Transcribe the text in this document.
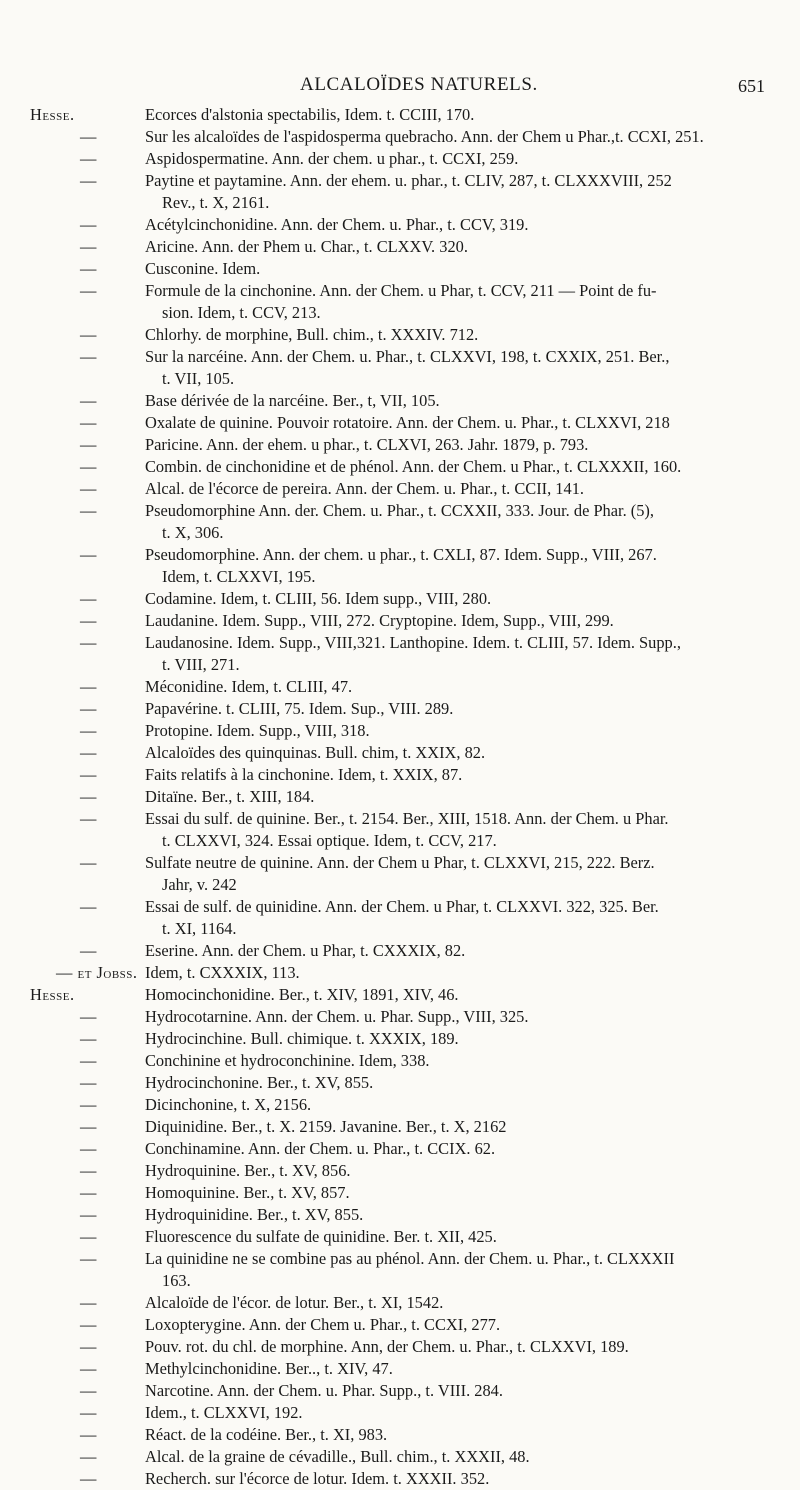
ALCALOÏDES NATURELS.	651
Hesse.	Ecorces d'alstonia spectabilis, Idem. t. CCIII, 170.
—	Sur les alcaloïdes de l'aspidosperma quebracho. Ann. der Chem u Phar.,t. CCXI, 251.
—	Aspidospermatine. Ann. der chem. u phar., t. CCXI, 259.
—	Paytine et paytamine. Ann. der ehem. u. phar., t. CLIV, 287, t. CLXXXVIII, 252
Rev., t. X, 2161.
—	Acétylcinchonidine. Ann. der Chem. u. Phar., t. CCV, 319.
—	Aricine. Ann. der Phem u. Char., t. CLXXV. 320.
—	Cusconine. Idem.
—	Formule de la cinchonine. Ann. der Chem. u Phar, t. CCV, 211 — Point de fu-
sion. Idem, t. CCV, 213.
—	Chlorhy. de morphine, Bull. chim., t. XXXIV. 712.
—	Sur la narcéine. Ann. der Chem. u. Phar., t. CLXXVI, 198, t. CXXIX, 251. Ber.,
t. VII, 105.
—	Base dérivée de la narcéine. Ber., t, VII, 105.
—	Oxalate de quinine. Pouvoir rotatoire. Ann. der Chem. u. Phar., t. CLXXVI, 218
—	Paricine. Ann. der ehem. u phar., t. CLXVI, 263. Jahr. 1879, p. 793.
—	Combin. de cinchonidine et de phénol. Ann. der Chem. u Phar., t. CLXXXII, 160.
—	Alcal. de l'écorce de pereira. Ann. der Chem. u. Phar., t. CCII, 141.
—	Pseudomorphine Ann. der. Chem. u. Phar., t. CCXXII, 333. Jour. de Phar. (5),
t. X, 306.
—	Pseudomorphine. Ann. der chem. u phar., t. CXLI, 87. Idem. Supp., VIII, 267.
Idem, t. CLXXVI, 195.
—	Codamine. Idem, t. CLIII, 56. Idem supp., VIII, 280.
—	Laudanine. Idem. Supp., VIII, 272. Cryptopine. Idem, Supp., VIII, 299.
—	Laudanosine. Idem. Supp., VIII,321. Lanthopine. Idem. t. CLIII, 57. Idem. Supp.,
t. VIII, 271.
—	Méconidine. Idem, t. CLIII, 47.
—	Papavérine. t. CLIII, 75. Idem. Sup., VIII. 289.
—	Protopine. Idem. Supp., VIII, 318.
—	Alcaloïdes des quinquinas. Bull. chim, t. XXIX, 82.
—	Faits relatifs à la cinchonine. Idem, t. XXIX, 87.
—	Ditaïne. Ber., t. XIII, 184.
—	Essai du sulf. de quinine. Ber., t. 2154. Ber., XIII, 1518. Ann. der Chem. u Phar.
t. CLXXVI, 324. Essai optique. Idem, t. CCV, 217.
—	Sulfate neutre de quinine. Ann. der Chem u Phar, t. CLXXVI, 215, 222. Berz.
Jahr, v. 242
—	Essai de sulf. de quinidine. Ann. der Chem. u Phar, t. CLXXVI. 322, 325. Ber.
t. XI, 1164.
—	Eserine. Ann. der Chem. u Phar, t. CXXXIX, 82.
— et Jobss. Idem, t. CXXXIX, 113.
Hesse.	Homocinchonidine. Ber., t. XIV, 1891, XIV, 46.
—	Hydrocotarnine. Ann. der Chem. u. Phar. Supp., VIII, 325.
—	Hydrocinchine. Bull. chimique. t. XXXIX, 189.
—	Conchinine et hydroconchinine. Idem, 338.
—	Hydrocinchonine. Ber., t. XV, 855.
—	Dicinchonine, t. X, 2156.
—	Diquinidine. Ber., t. X. 2159. Javanine. Ber., t. X, 2162
—	Conchinamine. Ann. der Chem. u. Phar., t. CCIX. 62.
—	Hydroquinine. Ber., t. XV, 856.
—	Homoquinine. Ber., t. XV, 857.
—	Hydroquinidine. Ber., t. XV, 855.
—	Fluorescence du sulfate de quinidine. Ber. t. XII, 425.
—	La quinidine ne se combine pas au phénol. Ann. der Chem. u. Phar., t. CLXXXII
163.
—	Alcaloïde de l'écor. de lotur. Ber., t. XI, 1542.
—	Loxopterygine. Ann. der Chem u. Phar., t. CCXI, 277.
—	Pouv. rot. du chl. de morphine. Ann, der Chem. u. Phar., t. CLXXVI, 189.
—	Methylcinchonidine. Ber.., t. XIV, 47.
—	Narcotine. Ann. der Chem. u. Phar. Supp., t. VIII. 284.
—	Idem., t. CLXXVI, 192.
—	Réact. de la codéine. Ber., t. XI, 983.
—	Alcal. de la graine de cévadille., Bull. chim., t. XXXII, 48.
—	Recherch. sur l'écorce de lotur. Idem. t. XXXII. 352.
